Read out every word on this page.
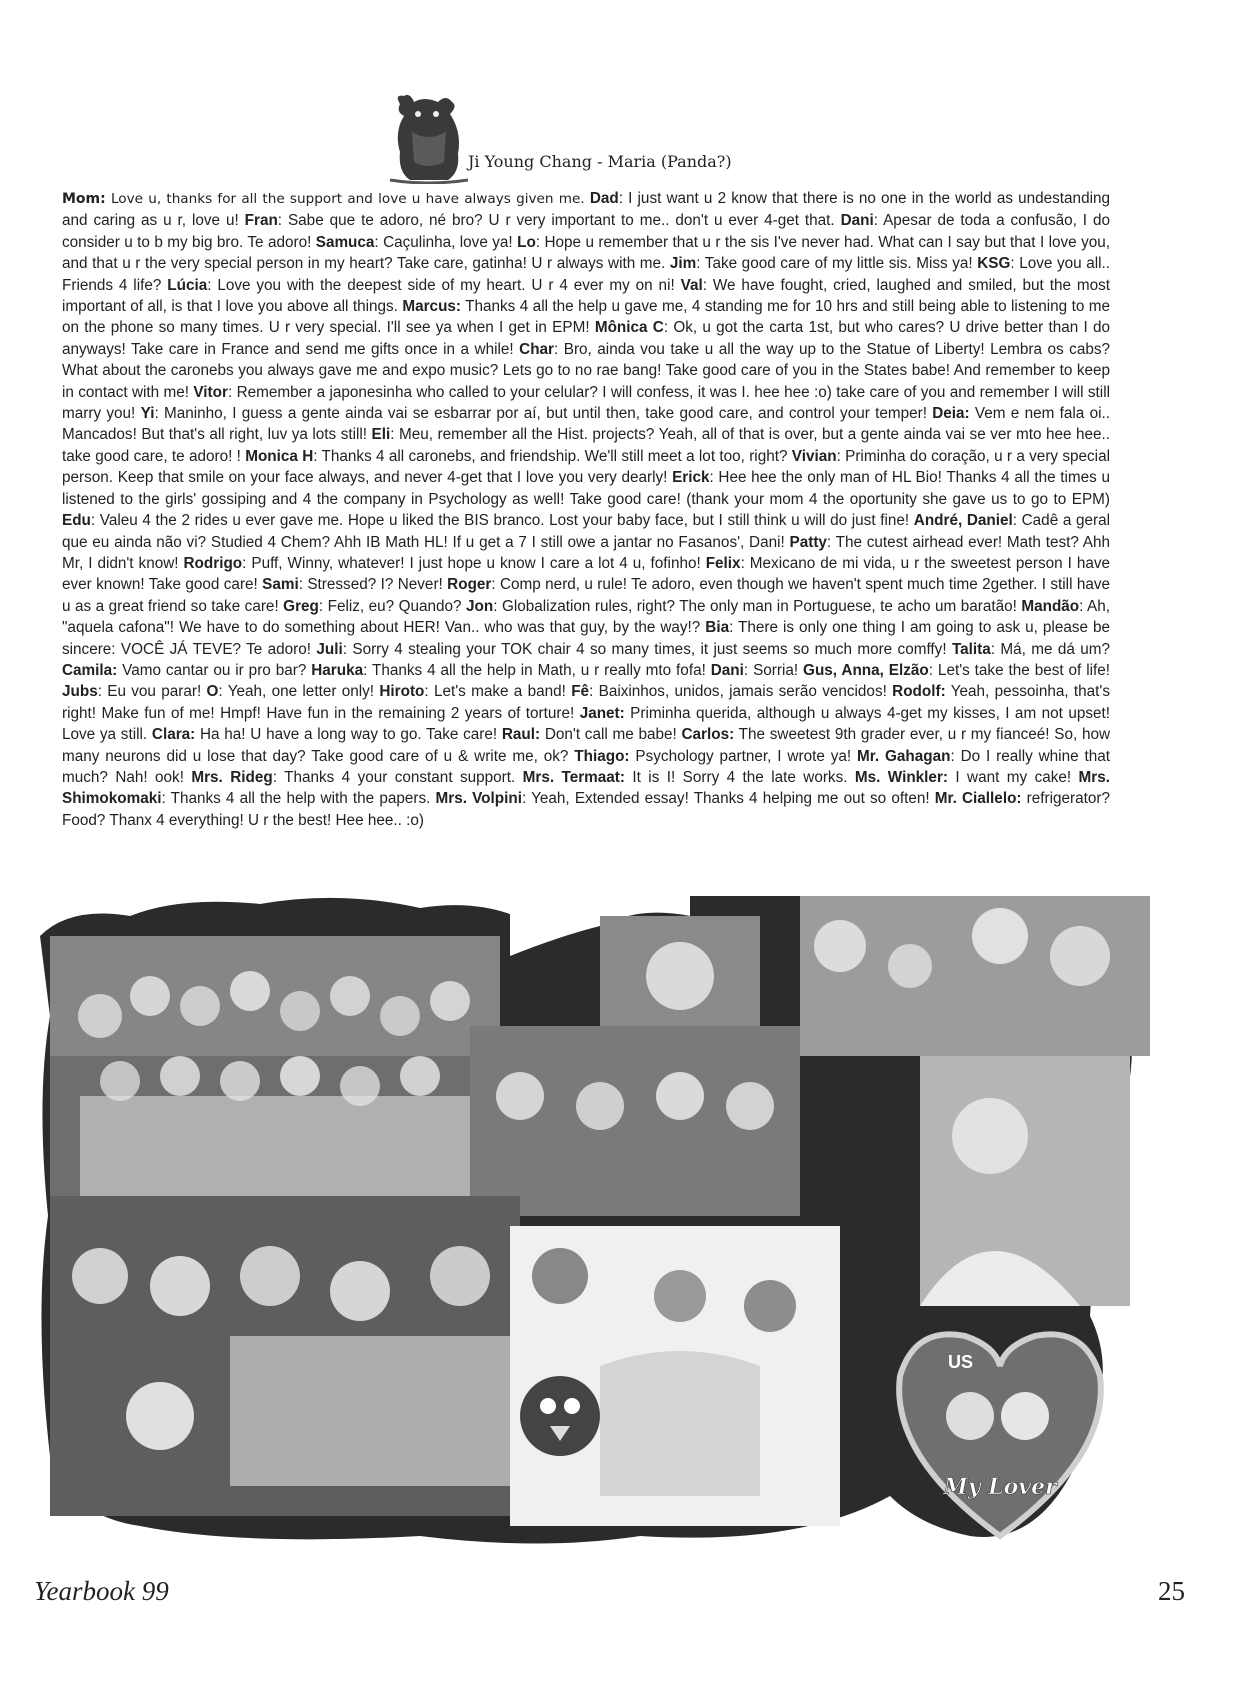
Ji Young Chang - Maria (Panda?)
Mom: Love u, thanks for all the support and love u have always given me. Dad: I just want u 2 know that there is no one in the world as undestanding and caring as u r, love u! Fran: Sabe que te adoro, né bro? U r very important to me.. don't u ever 4-get that. Dani: Apesar de toda a confusão, I do consider u to b my big bro. Te adoro! Samuca: Caçulinha, love ya! Lo: Hope u remember that u r the sis I've never had. What can I say but that I love you, and that u r the very special person in my heart? Take care, gatinha! U r always with me. Jim: Take good care of my little sis. Miss ya! KSG: Love you all.. Friends 4 life? Lúcia: Love you with the deepest side of my heart. U r 4 ever my on ni! Val: We have fought, cried, laughed and smiled, but the most important of all, is that I love you above all things. Marcus: Thanks 4 all the help u gave me, 4 standing me for 10 hrs and still being able to listening to me on the phone so many times. U r very special. I'll see ya when I get in EPM! Mônica C: Ok, u got the carta 1st, but who cares? U drive better than I do anyways! Take care in France and send me gifts once in a while! Char: Bro, ainda vou take u all the way up to the Statue of Liberty! Lembra os cabs? What about the caronebs you always gave me and expo music? Lets go to no rae bang! Take good care of you in the States babe! And remember to keep in contact with me! Vitor: Remember a japonesinha who called to your celular? I will confess, it was I. hee hee :o) take care of you and remember I will still marry you! Yi: Maninho, I guess a gente ainda vai se esbarrar por aí, but until then, take good care, and control your temper! Deia: Vem e nem fala oi.. Mancados! But that's all right, luv ya lots still! Eli: Meu, remember all the Hist. projects? Yeah, all of that is over, but a gente ainda vai se ver mto hee hee.. take good care, te adoro! ! Monica H: Thanks 4 all caronebs, and friendship. We'll still meet a lot too, right? Vivian: Priminha do coração, u r a very special person. Keep that smile on your face always, and never 4-get that I love you very dearly! Erick: Hee hee the only man of HL Bio! Thanks 4 all the times u listened to the girls' gossiping and 4 the company in Psychology as well! Take good care! (thank your mom 4 the oportunity she gave us to go to EPM) Edu: Valeu 4 the 2 rides u ever gave me. Hope u liked the BIS branco. Lost your baby face, but I still think u will do just fine! André, Daniel: Cadê a geral que eu ainda não vi? Studied 4 Chem? Ahh IB Math HL! If u get a 7 I still owe a jantar no Fasanos', Dani! Patty: The cutest airhead ever! Math test? Ahh Mr, I didn't know! Rodrigo: Puff, Winny, whatever! I just hope u know I care a lot 4 u, fofinho! Felix: Mexicano de mi vida, u r the sweetest person I have ever known! Take good care! Sami: Stressed? I? Never! Roger: Comp nerd, u rule! Te adoro, even though we haven't spent much time 2gether. I still have u as a great friend so take care! Greg: Feliz, eu? Quando? Jon: Globalization rules, right? The only man in Portuguese, te acho um baratão! Mandão: Ah, "aquela cafona"! We have to do something about HER! Van.. who was that guy, by the way!? Bia: There is only one thing I am going to ask u, please be sincere: VOCÊ JÁ TEVE? Te adoro! Juli: Sorry 4 stealing your TOK chair 4 so many times, it just seems so much more comffy! Talita: Má, me dá um? Camila: Vamo cantar ou ir pro bar? Haruka: Thanks 4 all the help in Math, u r really mto fofa! Dani: Sorria! Gus, Anna, Elzão: Let's take the best of life! Jubs: Eu vou parar! O: Yeah, one letter only! Hiroto: Let's make a band! Fê: Baixinhos, unidos, jamais serão vencidos! Rodolf: Yeah, pessoinha, that's right! Make fun of me! Hmpf! Have fun in the remaining 2 years of torture! Janet: Priminha querida, although u always 4-get my kisses, I am not upset! Love ya still. Clara: Ha ha! U have a long way to go. Take care! Raul: Don't call me babe! Carlos: The sweetest 9th grader ever, u r my fianceé! So, how many neurons did u lose that day? Take good care of u & write me, ok? Thiago: Psychology partner, I wrote ya! Mr. Gahagan: Do I really whine that much? Nah! ook! Mrs. Rideg: Thanks 4 your constant support. Mrs. Termaat: It is I! Sorry 4 the late works. Ms. Winkler: I want my cake! Mrs. Shimokomaki: Thanks 4 all the help with the papers. Mrs. Volpini: Yeah, Extended essay! Thanks 4 helping me out so often! Mr. Ciallelo: refrigerator? Food? Thanx 4 everything! U r the best! Hee hee.. :o)
My Lover
US
Yearbook 99	25
